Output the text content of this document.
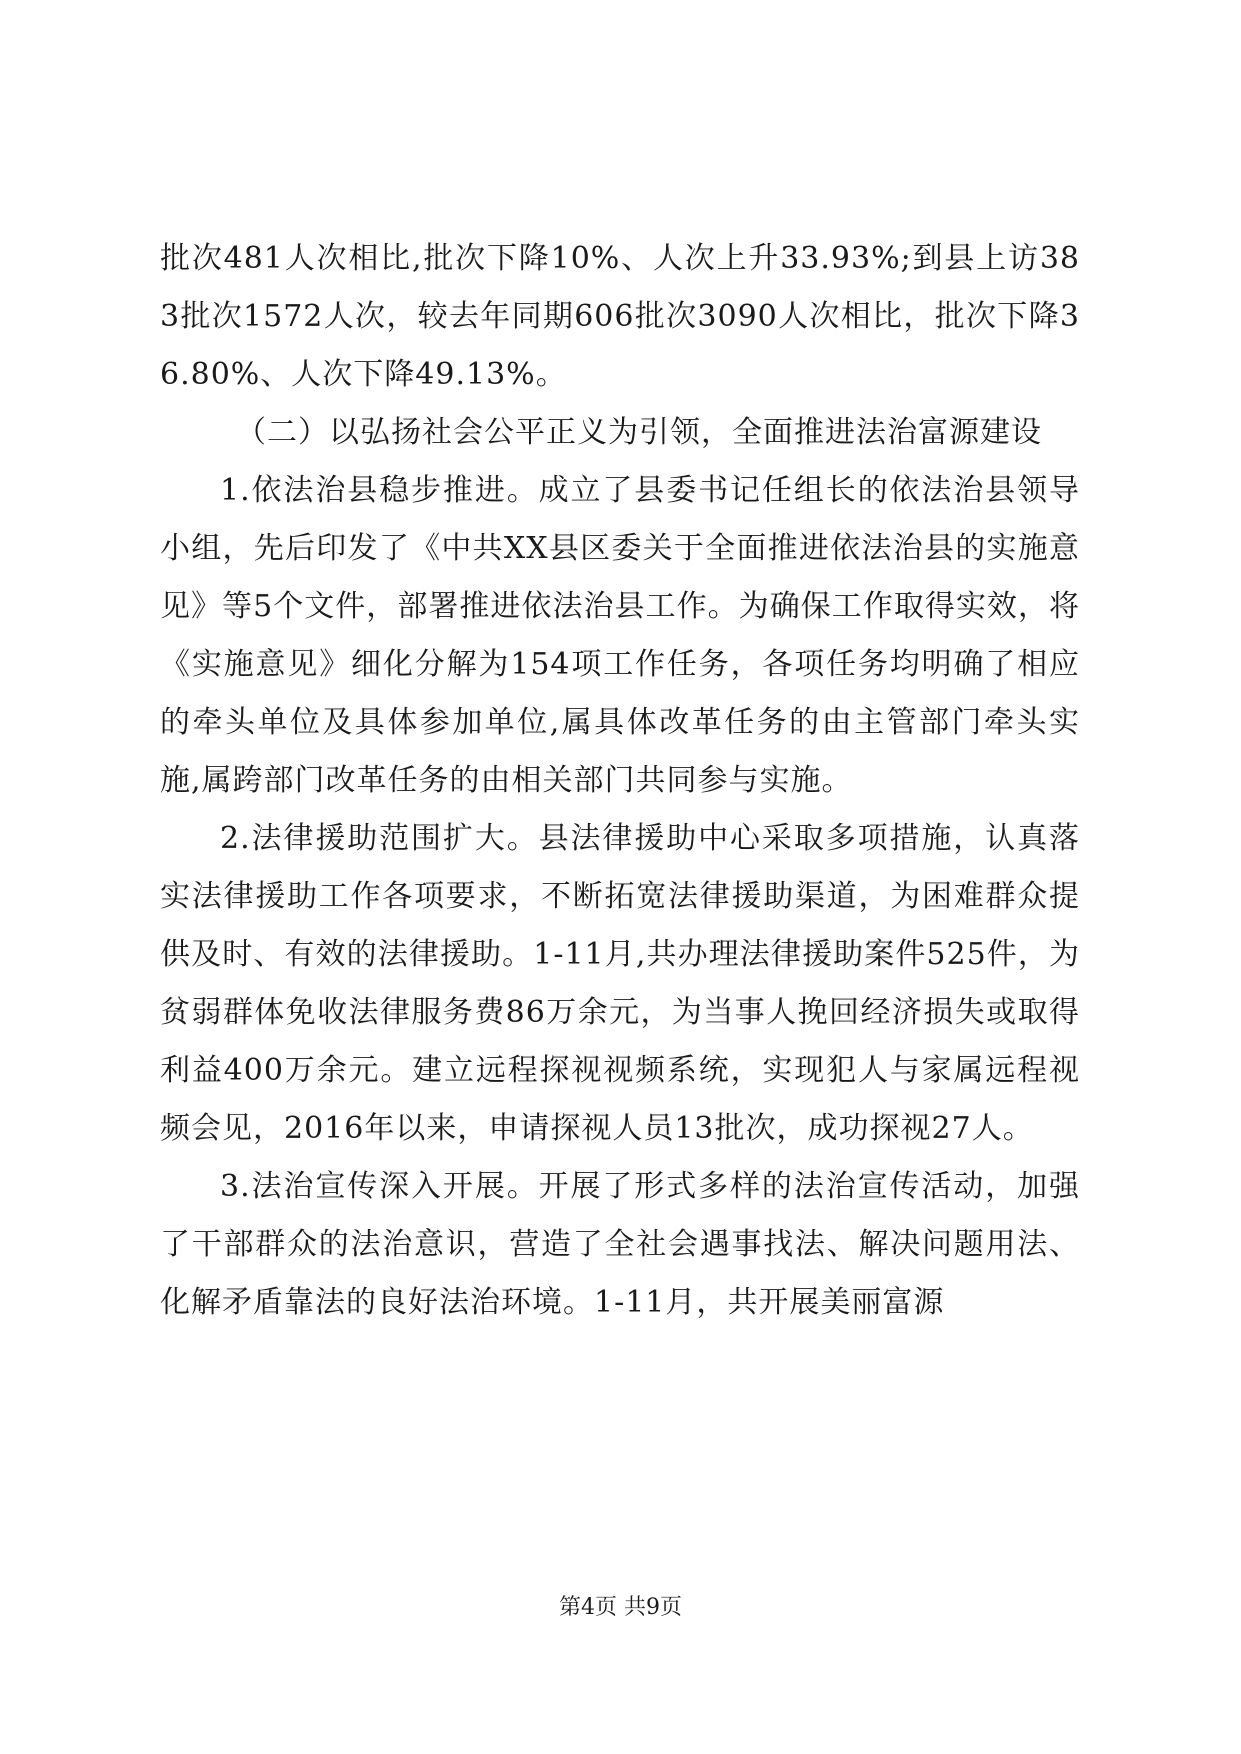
批次481人次相比,批次下降10%、人次上升33.93%;到县上访383批次1572人次，较去年同期606批次3090人次相比，批次下降36.80%、人次下降49.13%。

（二）以弘扬社会公平正义为引领，全面推进法治富源建设

1.依法治县稳步推进。成立了县委书记任组长的依法治县领导小组，先后印发了《中共XX县区委关于全面推进依法治县的实施意见》等5个文件，部署推进依法治县工作。为确保工作取得实效，将《实施意见》细化分解为154项工作任务，各项任务均明确了相应的牵头单位及具体参加单位,属具体改革任务的由主管部门牵头实施,属跨部门改革任务的由相关部门共同参与实施。

2.法律援助范围扩大。县法律援助中心采取多项措施，认真落实法律援助工作各项要求，不断拓宽法律援助渠道，为困难群众提供及时、有效的法律援助。1-11月,共办理法律援助案件525件，为贫弱群体免收法律服务费86万余元，为当事人挽回经济损失或取得利益400万余元。建立远程探视视频系统，实现犯人与家属远程视频会见，2016年以来，申请探视人员13批次，成功探视27人。

3.法治宣传深入开展。开展了形式多样的法治宣传活动，加强了干部群众的法治意识，营造了全社会遇事找法、解决问题用法、化解矛盾靠法的良好法治环境。1-11月，共开展美丽富源

第4页 共9页
